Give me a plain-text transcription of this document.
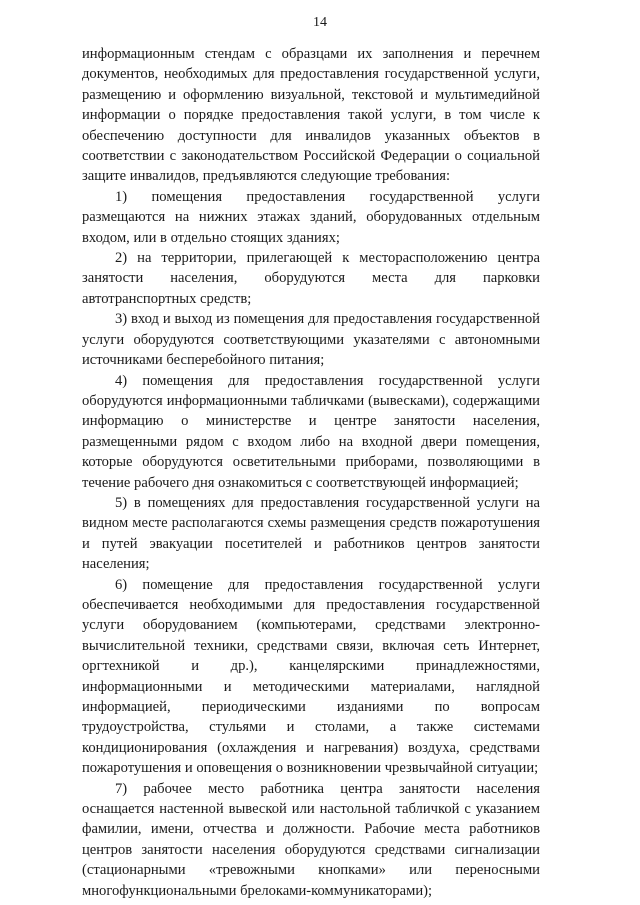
14

информационным стендам с образцами их заполнения и перечнем документов, необходимых для предоставления государственной услуги, размещению и оформлению визуальной, текстовой и мультимедийной информации о порядке предоставления такой услуги, в том числе к обеспечению доступности для инвалидов указанных объектов в соответствии с законодательством Российской Федерации о социальной защите инвалидов, предъявляются следующие требования:

1) помещения предоставления государственной услуги размещаются на нижних этажах зданий, оборудованных отдельным входом, или в отдельно стоящих зданиях;

2) на территории, прилегающей к месторасположению центра занятости населения, оборудуются места для парковки автотранспортных средств;

3) вход и выход из помещения для предоставления государственной услуги оборудуются соответствующими указателями с автономными источниками бесперебойного питания;

4) помещения для предоставления государственной услуги оборудуются информационными табличками (вывесками), содержащими информацию о министерстве и центре занятости населения, размещенными рядом с входом либо на входной двери помещения, которые оборудуются осветительными приборами, позволяющими в течение рабочего дня ознакомиться с соответствующей информацией;

5) в помещениях для предоставления государственной услуги на видном месте располагаются схемы размещения средств пожаротушения и путей эвакуации посетителей и работников центров занятости населения;

6) помещение для предоставления государственной услуги обеспечивается необходимыми для предоставления государственной услуги оборудованием (компьютерами, средствами электронно-вычислительной техники, средствами связи, включая сеть Интернет, оргтехникой и др.), канцелярскими принадлежностями, информационными и методическими материалами, наглядной информацией, периодическими изданиями по вопросам трудоустройства, стульями и столами, а также системами кондиционирования (охлаждения и нагревания) воздуха, средствами пожаротушения и оповещения о возникновении чрезвычайной ситуации;

7) рабочее место работника центра занятости населения оснащается настенной вывеской или настольной табличкой с указанием фамилии, имени, отчества и должности. Рабочие места работников центров занятости населения оборудуются средствами сигнализации (стационарными «тревожными кнопками» или переносными многофункциональными брелоками-коммуникаторами);
